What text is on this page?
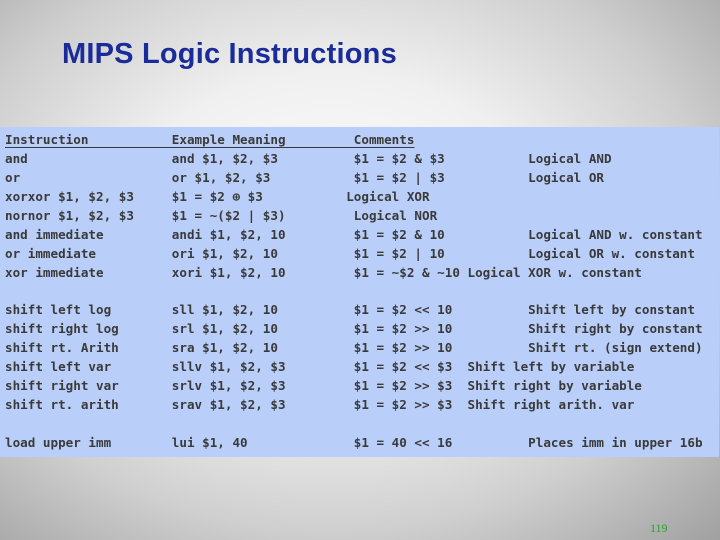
MIPS Logic Instructions
Instruction           Example Meaning         Comments
and                   and $1, $2, $3          $1 = $2 & $3           Logical AND
or                    or $1, $2, $3           $1 = $2 | $3           Logical OR
xorxor $1, $2, $3     $1 = $2 ⊕ $3           Logical XOR
nornor $1, $2, $3     $1 = ~($2 | $3)         Logical NOR
and immediate         andi $1, $2, 10         $1 = $2 & 10           Logical AND w. constant
or immediate          ori $1, $2, 10          $1 = $2 | 10           Logical OR w. constant
xor immediate         xori $1, $2, 10         $1 = ~$2 & ~10 Logical XOR w. constant
shift left log        sll $1, $2, 10          $1 = $2 << 10          Shift left by constant
shift right log       srl $1, $2, 10          $1 = $2 >> 10          Shift right by constant
shift rt. Arith       sra $1, $2, 10          $1 = $2 >> 10          Shift rt. (sign extend)
shift left var        sllv $1, $2, $3         $1 = $2 << $3  Shift left by variable
shift right var       srlv $1, $2, $3         $1 = $2 >> $3  Shift right by variable
shift rt. arith       srav $1, $2, $3         $1 = $2 >> $3  Shift right arith. var
load upper imm        lui $1, 40              $1 = 40 << 16          Places imm in upper 16b
119
